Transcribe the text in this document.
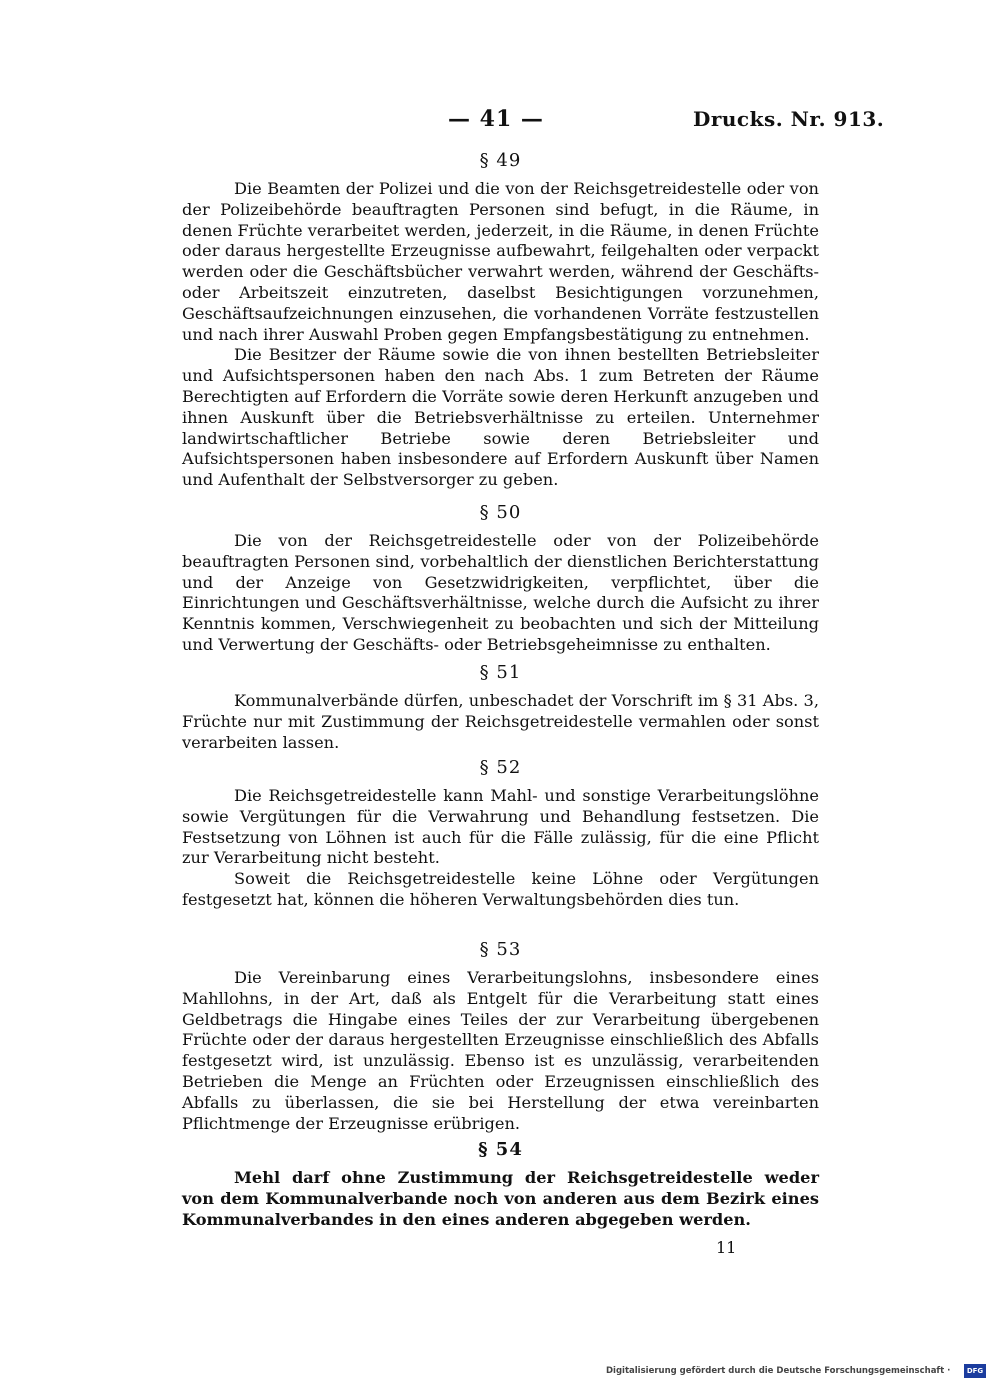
— 41 —	Drucks. Nr. 913.
§ 49

Die Beamten der Polizei und die von der Reichsgetreidestelle oder von der Polizeibehörde beauftragten Personen sind befugt, in die Räume, in denen Früchte verarbeitet werden, jederzeit, in die Räume, in denen Früchte oder daraus hergestellte Erzeugnisse aufbewahrt, feilgehalten oder verpackt werden oder die Geschäftsbücher verwahrt werden, während der Geschäfts- oder Arbeitszeit einzutreten, daselbst Besichtigungen vorzunehmen, Geschäftsaufzeichnungen einzusehen, die vorhandenen Vorräte festzustellen und nach ihrer Auswahl Proben gegen Empfangsbestätigung zu entnehmen.

Die Besitzer der Räume sowie die von ihnen bestellten Betriebsleiter und Aufsichtspersonen haben den nach Abs. 1 zum Betreten der Räume Berechtigten auf Erfordern die Vorräte sowie deren Herkunft anzugeben und ihnen Auskunft über die Betriebsverhältnisse zu erteilen. Unternehmer landwirtschaftlicher Betriebe sowie deren Betriebsleiter und Aufsichtspersonen haben insbesondere auf Erfordern Auskunft über Namen und Aufenthalt der Selbstversorger zu geben.

§ 50

Die von der Reichsgetreidestelle oder von der Polizeibehörde beauftragten Personen sind, vorbehaltlich der dienstlichen Berichterstattung und der Anzeige von Gesetzwidrigkeiten, verpflichtet, über die Einrichtungen und Geschäftsverhältnisse, welche durch die Aufsicht zu ihrer Kenntnis kommen, Verschwiegenheit zu beobachten und sich der Mitteilung und Verwertung der Geschäfts- oder Betriebsgeheimnisse zu enthalten.

§ 51

Kommunalverbände dürfen, unbeschadet der Vorschrift im § 31 Abs. 3, Früchte nur mit Zustimmung der Reichsgetreidestelle vermahlen oder sonst verarbeiten lassen.

§ 52

Die Reichsgetreidestelle kann Mahl- und sonstige Verarbeitungslöhne sowie Vergütungen für die Verwahrung und Behandlung festsetzen. Die Festsetzung von Löhnen ist auch für die Fälle zulässig, für die eine Pflicht zur Verarbeitung nicht besteht.

Soweit die Reichsgetreidestelle keine Löhne oder Vergütungen festgesetzt hat, können die höheren Verwaltungsbehörden dies tun.

§ 53

Die Vereinbarung eines Verarbeitungslohns, insbesondere eines Mahllohns, in der Art, daß als Entgelt für die Verarbeitung statt eines Geldbetrags die Hingabe eines Teiles der zur Verarbeitung übergebenen Früchte oder der daraus hergestellten Erzeugnisse einschließlich des Abfalls festgesetzt wird, ist unzulässig. Ebenso ist es unzulässig, verarbeitenden Betrieben die Menge an Früchten oder Erzeugnissen einschließlich des Abfalls zu überlassen, die sie bei Herstellung der etwa vereinbarten Pflichtmenge der Erzeugnisse erübrigen.

§ 54

Mehl darf ohne Zustimmung der Reichsgetreidestelle weder von dem Kommunalverbande noch von anderen aus dem Bezirk eines Kommunalverbandes in den eines anderen abgegeben werden.

11
Digitalisierung gefördert durch die Deutsche Forschungsgemeinschaft ·	DFG
